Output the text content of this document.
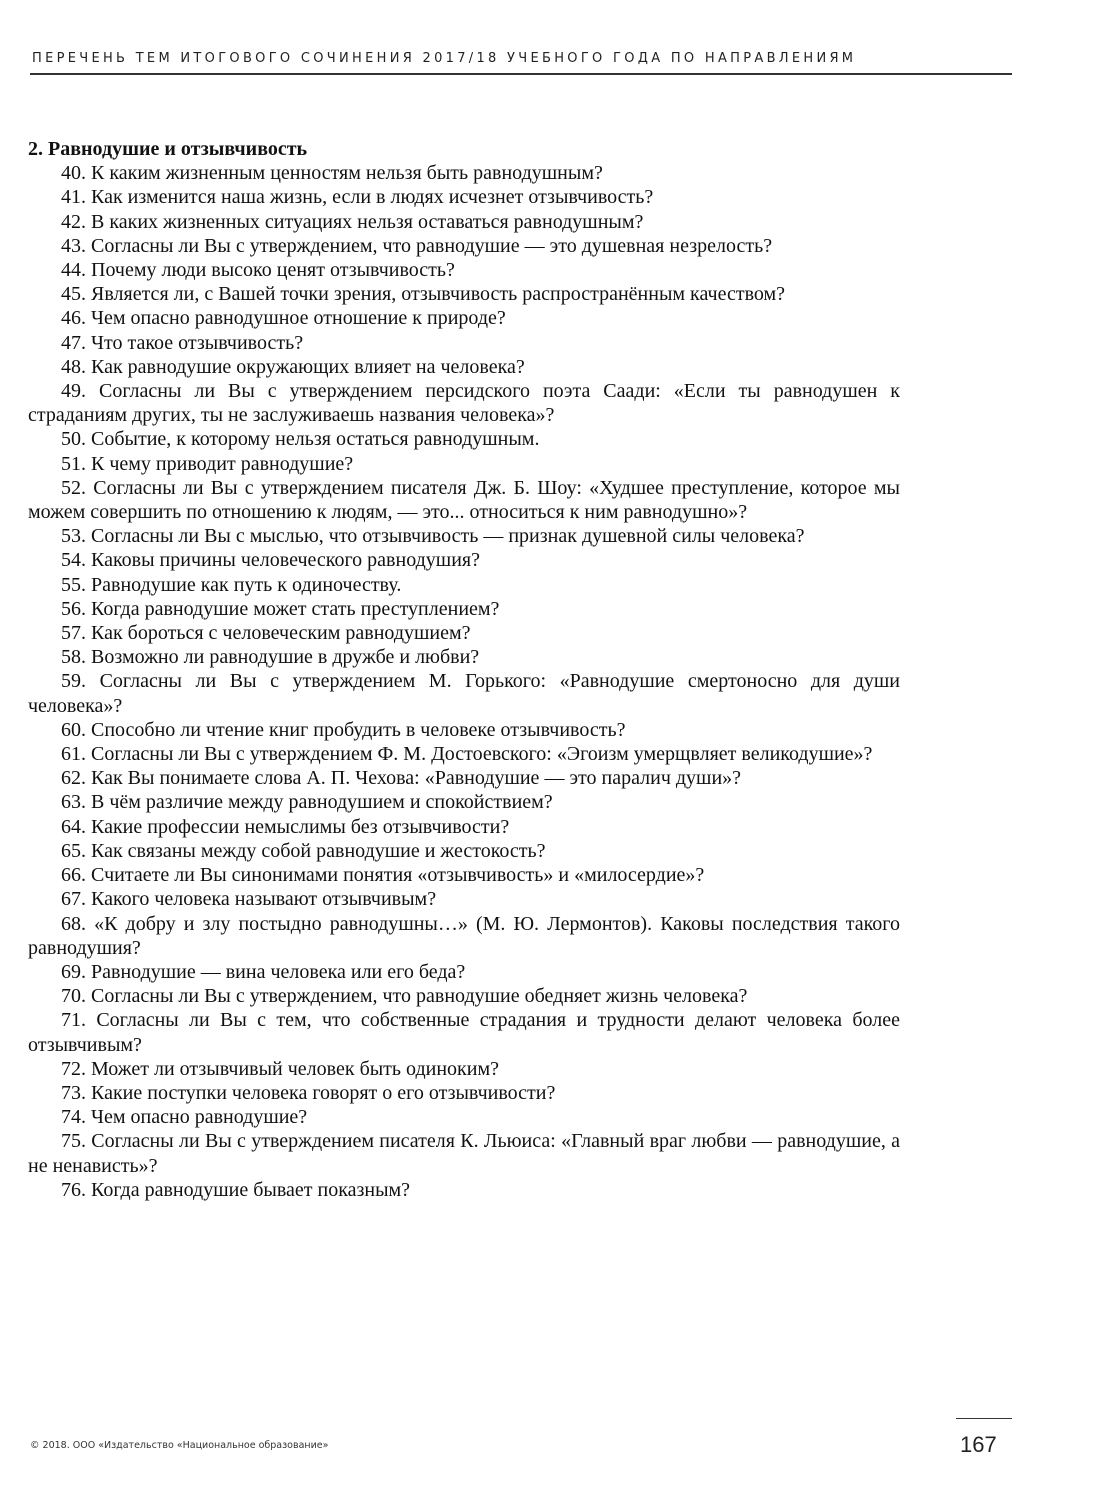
ПЕРЕЧЕНЬ ТЕМ ИТОГОВОГО СОЧИНЕНИЯ 2017/18 УЧЕБНОГО ГОДА ПО НАПРАВЛЕНИЯМ
2. Равнодушие и отзывчивость

40. К каким жизненным ценностям нельзя быть равнодушным?

41. Как изменится наша жизнь, если в людях исчезнет отзывчивость?

42. В каких жизненных ситуациях нельзя оставаться равнодушным?

43. Согласны ли Вы с утверждением, что равнодушие — это душевная незрелость?

44. Почему люди высоко ценят отзывчивость?

45. Является ли, с Вашей точки зрения, отзывчивость распространённым качеством?

46. Чем опасно равнодушное отношение к природе?

47. Что такое отзывчивость?

48. Как равнодушие окружающих влияет на человека?

49. Согласны ли Вы с утверждением персидского поэта Саади: «Если ты равнодушен к страданиям других, ты не заслуживаешь названия человека»?

50. Событие, к которому нельзя остаться равнодушным.

51. К чему приводит равнодушие?

52. Согласны ли Вы с утверждением писателя Дж. Б. Шоу: «Худшее преступление, которое мы можем совершить по отношению к людям, — это... относиться к ним равнодушно»?

53. Согласны ли Вы с мыслью, что отзывчивость — признак душевной силы человека?

54. Каковы причины человеческого равнодушия?

55. Равнодушие как путь к одиночеству.

56. Когда равнодушие может стать преступлением?

57. Как бороться с человеческим равнодушием?

58. Возможно ли равнодушие в дружбе и любви?

59. Согласны ли Вы с утверждением М. Горького: «Равнодушие смертоносно для души человека»?

60. Способно ли чтение книг пробудить в человеке отзывчивость?

61. Согласны ли Вы с утверждением Ф. М. Достоевского: «Эгоизм умерщвляет великодушие»?

62. Как Вы понимаете слова А. П. Чехова: «Равнодушие — это паралич души»?

63. В чём различие между равнодушием и спокойствием?

64. Какие профессии немыслимы без отзывчивости?

65. Как связаны между собой равнодушие и жестокость?

66. Считаете ли Вы синонимами понятия «отзывчивость» и «милосердие»?

67. Какого человека называют отзывчивым?

68. «К добру и злу постыдно равнодушны…» (М. Ю. Лермонтов). Каковы последствия такого равнодушия?

69. Равнодушие — вина человека или его беда?

70. Согласны ли Вы с утверждением, что равнодушие обедняет жизнь человека?

71. Согласны ли Вы с тем, что собственные страдания и трудности делают человека более отзывчивым?

72. Может ли отзывчивый человек быть одиноким?

73. Какие поступки человека говорят о его отзывчивости?

74. Чем опасно равнодушие?

75. Согласны ли Вы с утверждением писателя К. Льюиса: «Главный враг любви — равнодушие, а не ненависть»?

76. Когда равнодушие бывает показным?

© 2018. ООО «Издательство «Национальное образование»	167
